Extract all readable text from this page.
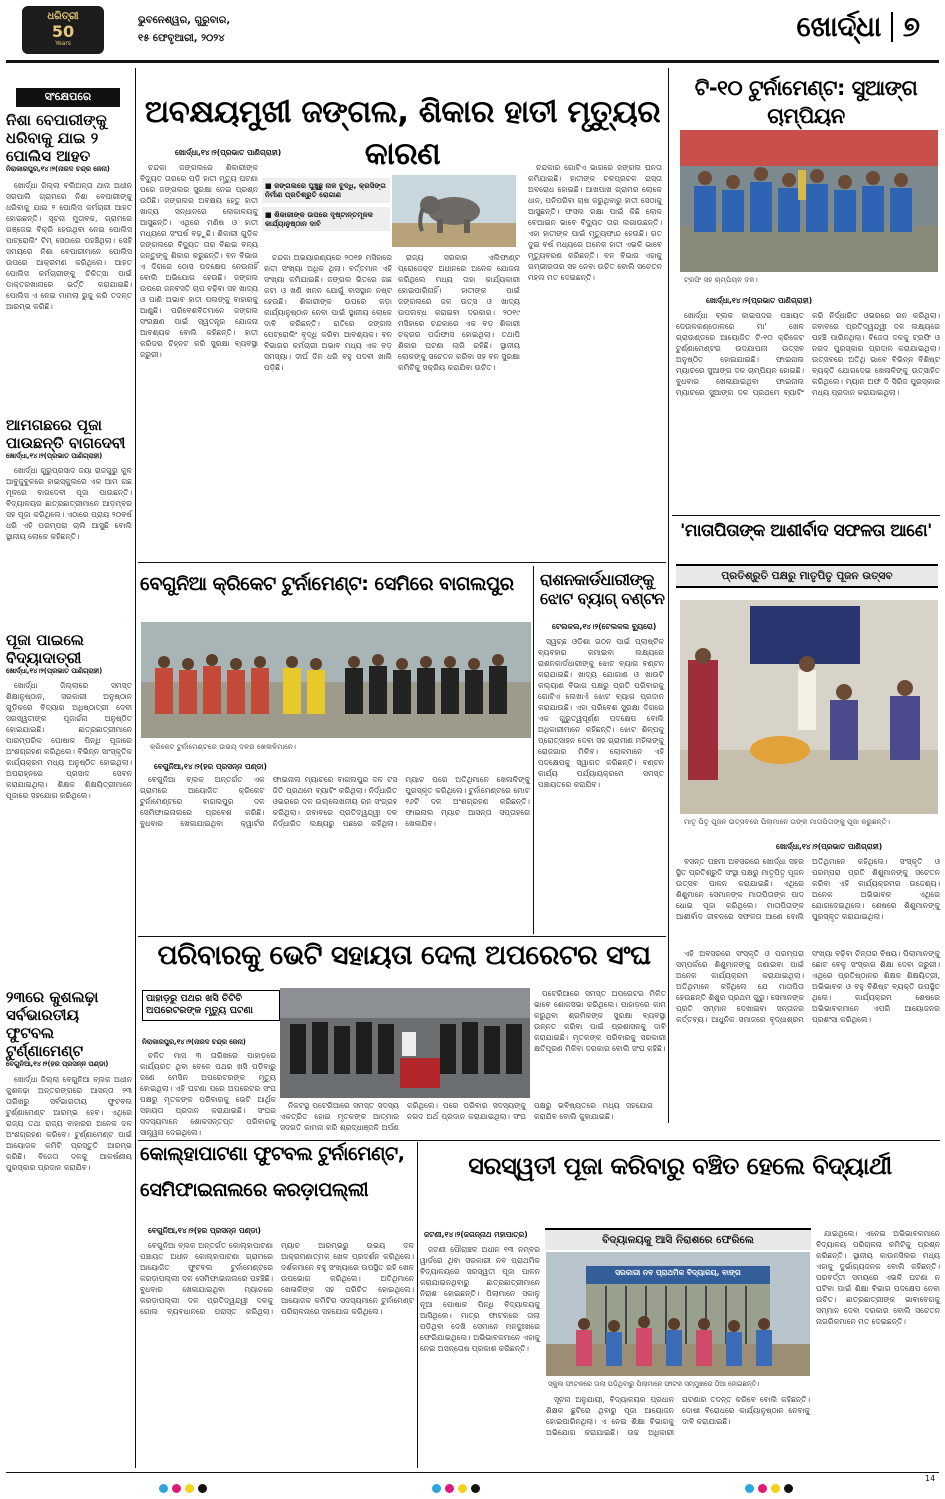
ଧରିତ୍ରୀ
50
Years
ଭୁବନେଶ୍ୱର, ଗୁରୁବାର,
୧୫ ଫେବୃଆରୀ, ୨୦୨୪	ଖୋର୍ଦ୍ଧା ୭
ସଂକ୍ଷେପରେ
ନିଶା ବେପାରୀଙ୍କୁ ଧରିବାକୁ ଯାଇ ୨ ପୋଲିସ ଆହତ
ନିରାକାରପୁର,୧୪।୨(ନାରଦ ଚନ୍ଦ୍ର ଜେନା)

ଖୋର୍ଦ୍ଧା ଜିଲ୍ଲା ବଲିଅନ୍ତା ଥାନା ଅଧୀନ ସରପାଲି ଗ୍ରାମରେ ନିଶା ବେପାରୀଙ୍କୁ ଧରିବାକୁ ଯାଇ ୨ ପୋଲିସ କର୍ମଚାରୀ ଆହତ ହୋଇଛନ୍ତି। ସୂଚନା ମୁତାବକ, ଗ୍ରାମରେ ଗଞ୍ଜେଇ ବିକ୍ରି ହେଉଥିବା ନେଇ ପୋଲିସ ପାଟ୍ରୋଲିଂ ଟିମ୍ ସେଠାରେ ପହଞ୍ଚିଥିଲା। ସେହି ସମୟରେ ନିଶା ବେପାରୀମାନେ ପୋଲିସ ଉପରେ ଆକ୍ରମଣ କରିଥିଲେ। ଆହତ ପୋଲିସ କର୍ମଚାରୀଙ୍କୁ ଚିକିତ୍ସା ପାଇଁ ଡାକ୍ତରଖାନାରେ ଭର୍ତ୍ତି କରାଯାଇଛି। ପୋଲିସ ଏ ନେଇ ମାମଲା ରୁଜୁ କରି ତଦନ୍ତ ଆରମ୍ଭ କରିଛି।

ଆମଗଛରେ ପୂଜା ପାଉଛନ୍ତି ବାଗଦେବୀ
ଖୋର୍ଦ୍ଧା,୧୪।୨(ପ୍ରଭାତ ପାଣିଗ୍ରାହୀ)

ଖୋର୍ଦ୍ଧା ଗୁରୁପ୍ରସାଦ ଜୟା ରାଜଗୁରୁ କୁଳ ଆବୁଜୁବୁଳରେ ହାଇସ୍କୁଲରେ ଏକ ଆମ ଗଛ ମୂଳରେ ବାଗଦେବୀ ପୂଜା ପାଉଛନ୍ତି। ବିଦ୍ୟାଳୟର ଛାତ୍ରଛାତ୍ରୀମାନେ ଆଡ଼ମ୍ବର ସହ ପୂଜା କରିଥିଲେ। ଏଠାରେ ପ୍ରାୟ ୨୦ବର୍ଷ ଧରି ଏହି ପରମ୍ପରା ଚାଲି ଆସୁଛି ବୋଲି ସ୍ଥାନୀୟ ଲୋକେ କହିଛନ୍ତି।

ପୂଜା ପାଇଲେ ବିଦ୍ୟାଦାତ୍ରୀ
ଖୋର୍ଦ୍ଧା,୧୪।୨(ପ୍ରଭାତ ପାଣିଗ୍ରାହୀ)

ଖୋର୍ଦ୍ଧା ଜିଲ୍ଲାରେ ସମସ୍ତ ଶିକ୍ଷାନୁଷ୍ଠାନ, ସରକାରୀ ଅନୁଷ୍ଠାନ ଗୁଡ଼ିକରେ ବିଦ୍ୟାର ଅଧିଷ୍ଠାତ୍ରୀ ଦେବୀ ସରସ୍ୱତୀଙ୍କ ପୂଜାର୍ଚ୍ଚନା ଅନୁଷ୍ଠିତ ହୋଇଯାଇଛି। ଛାତ୍ରଛାତ୍ରୀମାନେ ପାରମ୍ପରିକ ପୋଷାକ ପିନ୍ଧି ପୂଜାରେ ଅଂଶଗ୍ରହଣ କରିଥିଲେ। ବିଭିନ୍ନ ସାଂସ୍କୃତିକ କାର୍ଯ୍ୟକ୍ରମ ମଧ୍ୟ ଅନୁଷ୍ଠିତ ହୋଇଥିଲା। ଅପରାହ୍ନରେ ପ୍ରସାଦ ସେବନ କରାଯାଇଥିଲା। ଶିକ୍ଷକ ଶିକ୍ଷୟିତ୍ରୀମାନେ ପୂଜାରେ ସହଯୋଗ କରିଥିଲେ।

୨୩ରେ କୁଶଲଢ଼ା ସର୍ବଭାରତୀୟ ଫୁଟବଲ ଟୁର୍ଣ୍ଣାମେଣ୍ଟ
ବେଗୁନିଆ,୧୪।୨(ହର ପ୍ରସନ୍ନ ପଣ୍ଡା)

ଖୋର୍ଦ୍ଧା ଜିଲ୍ଲା ବେଗୁନିଆ ବ୍ଲକ ଅଧୀନ କୁଶଳଢ଼ା ଅନ୍ତରଙ୍ଗରେ ଆସନ୍ତା ୨୩ ତାରିଖରୁ ସର୍ବଭାରତୀୟ ଫୁଟବଲ ଟୁର୍ଣ୍ଣାମେଣ୍ଟ ଆରମ୍ଭ ହେବ। ଏଥିରେ ରାଜ୍ୟ ତଥା ରାଜ୍ୟ ବାହାରର ଅନେକ ଦଳ ଅଂଶଗ୍ରହଣ କରିବେ। ଟୁର୍ଣ୍ଣାମେଣ୍ଟ ପାଇଁ ଆୟୋଜକ କମିଟି ପ୍ରସ୍ତୁତି ଆରମ୍ଭ କରିଛି। ବିଜେତା ଦଳକୁ ଆକର୍ଷଣୀୟ ପୁରସ୍କାର ପ୍ରଦାନ କରାଯିବ।

ଅବକ୍ଷୟମୁଖୀ ଜଙ୍ଗଲ, ଶିକାର ହାତୀ ମୃତ୍ୟୁର କାରଣ
ଖୋର୍ଦ୍ଧା,୧୪।୨(ପ୍ରଭାତ ପାଣିଗ୍ରାହୀ)
■ ଜଙ୍ଗଲରେ ଘୁଞ୍ଚୁଛୁ ନାଳ ବୁଦ୍ଧି, କ୍ରସିଙ୍ଗ ନିର୍ମାଣ ପ୍ରତିଶ୍ରୁତି ରୋଗାଣ
■ ଶିକାରୀଙ୍କ ଉପରେ ଦୃଷ୍ଟାନ୍ତମୂଳକ କାର୍ଯ୍ୟାନୁଷ୍ଠାନ ଦାବି

ଚନ୍ଦକା ଜଙ୍ଗଲରେ ଶିକାରୀଙ୍କ ବିଦ୍ୟୁତ ତାରରେ ପଡ଼ି ହାତୀ ମୃତ୍ୟୁ ଘଟଣା ପରେ ଜଙ୍ଗଲର ସୁରକ୍ଷା ନେଇ ପ୍ରଶ୍ନ ଉଠିଛି। ଜଙ୍ଗଲର ଅବକ୍ଷୟ ହେତୁ ହାତୀ ଖାଦ୍ୟ ସନ୍ଧାନରେ ଲୋକାଳୟକୁ ଆସୁଛନ୍ତି। ଏଥିରେ ମଣିଷ ଓ ହାତୀ ମଧ୍ୟରେ ସଂଘର୍ଷ ବଢ଼ୁଛି। ଶିକାରୀ ଗୁଡ଼ିକ ଜଙ୍ଗଲରେ ବିଦ୍ୟୁତ ତାର ବିଛାଇ ବନ୍ୟ ଜନ୍ତୁଙ୍କୁ ଶିକାର କରୁଛନ୍ତି। ବନ ବିଭାଗ ଏ ଦିଗରେ ଠୋସ ପଦକ୍ଷେପ ନେଉନାହିଁ ବୋଲି ଅଭିଯୋଗ ହେଉଛି। ଜଙ୍ଗଲ ଉପରେ ଜନବସତି ଚାପ ବଢ଼ିବା ସହ ଖାଦ୍ୟ ଓ ପାଣି ଅଭାବ ହାତୀ ପଲଙ୍କୁ ବାହାରକୁ ଆଣୁଛି। ପରିବେଶବିତମାନେ ଜଙ୍ଗଲ ସଂରକ୍ଷଣ ପାଇଁ ସ୍ୱତନ୍ତ୍ର ଯୋଜନା ଆବଶ୍ୟକ ବୋଲି କହିଛନ୍ତି। ହାତୀ କରିଡର ଚିହ୍ନଟ କରି ସୁରକ୍ଷା ବ୍ୟବସ୍ଥା ଜରୁରୀ।

ଚନ୍ଦକା ଅଭୟାରଣ୍ୟରେ ୨୦୧୭ ମସିହାରେ ହାତୀ ସଂଖ୍ୟା ଅଧିକ ଥିଲା। ବର୍ତ୍ତମାନ ଏହି ସଂଖ୍ୟା କମିଯାଇଛି। ଜଙ୍ଗଲ ଭିତରେ ଗଛ କଟା ଓ ଖଣି ଖନନ ଯୋଗୁଁ ବାସସ୍ଥାନ ନଷ୍ଟ ହେଉଛି। ଶିକାରୀଙ୍କ ଉପରେ କଡ଼ା କାର୍ଯ୍ୟାନୁଷ୍ଠାନ ନେବା ପାଇଁ ସ୍ଥାନୀୟ ଲୋକେ ଦାବି କରିଛନ୍ତି। ରାତିରେ ଜଙ୍ଗଲ ପେଟ୍ରୋଲିଂ ବୃଦ୍ଧି କରିବା ଆବଶ୍ୟକ। ବନ ବିଭାଗର କର୍ମଚାରୀ ଅଭାବ ମଧ୍ୟ ଏକ ବଡ଼ ସମସ୍ୟା। ଦୀର୍ଘ ଦିନ ଧରି ବହୁ ପଦବୀ ଖାଲି ପଡ଼ିଛି।

ରାଜ୍ୟ ସରକାର ଏଲିଫାଣ୍ଟ ପ୍ରୋଜେକ୍ଟ ଅଧୀନରେ ଅନେକ ଯୋଜନା କରିଥିଲେ ମଧ୍ୟ ତାହା କାର୍ଯ୍ୟକାରୀ ହୋଇପାରିନାହିଁ। ହାତୀଙ୍କ ପାଇଁ ଜଙ୍ଗଲରେ ଜଳ ଉତ୍ସ ଓ ଖାଦ୍ୟ ଉପଲବ୍ଧ କରାଇବା ଦରକାର। ୨୦୧୯ ମସିହାରେ ଚନ୍ଦକାରେ ଏକ ବଡ଼ ଶିକାରୀ ଚକ୍ରର ପର୍ଦ୍ଦାଫାସ ହୋଇଥିଲା। ତଥାପି ଶିକାର ଘଟଣା ଲାଗି ରହିଛି। ସ୍ଥାନୀୟ ଲୋକଙ୍କୁ ସଚେତନ କରିବା ସହ ବନ ସୁରକ୍ଷା କମିଟିକୁ ସକ୍ରିୟ କରାଯିବା ଉଚିତ।

ଚନ୍ଦକାର ଗୋଟିଏ ଭାଗରେ ଜଙ୍ଗଲ ଘନତା କମିଯାଇଛି। ହାତୀଙ୍କ ଚଳପ୍ରଚଳ ରାସ୍ତା ଅବରୋଧ ହୋଇଛି। ଆଖପାଖ ଗ୍ରାମର ଲୋକେ ଧାନ, ପନିପରିବା ଚାଷ କରୁଥିବାରୁ ହାତୀ ସେଠାକୁ ଆସୁଛନ୍ତି। ଫସଲ ରକ୍ଷା ପାଇଁ କିଛି ଲୋକ ବେଆଇନ ଭାବେ ବିଦ୍ୟୁତ ତାର ଲଗାଉଛନ୍ତି। ଏହା ହାତୀଙ୍କ ପାଇଁ ମୃତ୍ୟୁଫାନ୍ଦ ହେଉଛି। ଗତ ଦୁଇ ବର୍ଷ ମଧ୍ୟରେ ଅନେକ ହାତୀ ଏଭଳି ଭାବେ ମୃତ୍ୟୁବରଣ କରିଛନ୍ତି। ବନ ବିଭାଗ ଏହାକୁ ଗମ୍ଭୀରତାର ସହ ନେବା ଉଚିତ ବୋଲି ସଚେତନ ମହଲ ମତ ଦେଇଛନ୍ତି।

ଟି-୧୦ ଟୁର୍ନାମେଣ୍ଟ: ସୁଆଙ୍ଗ ଚାମ୍ପିୟନ
ଟ୍ରଫି ସହ ଚାମ୍ପିୟନ ଦଳ।
ଖୋର୍ଦ୍ଧା,୧୪।୨(ପ୍ରଭାତ ପାଣିଗ୍ରାହୀ)

ଖୋର୍ଦ୍ଧା ବ୍ଲକ କାଇପଦର ପଞ୍ଚାୟତ ଦେଉଳକଣ୍ଡୋଳରେ ମା' ଖେଳ ଗ୍ରାଉଣ୍ଡରେ ଆୟୋଜିତ ଟି-୧୦ କ୍ରିକେଟ ଟୁର୍ଣ୍ଣାମେଣ୍ଟର ଉଦଯାପନୀ ଉତ୍ସବ ଅନୁଷ୍ଠିତ ହୋଇଯାଇଛି। ଫାଇନାଲ ମ୍ୟାଚରେ ସୁଆଙ୍ଗ ଦଳ ଚାମ୍ପିୟନ ହୋଇଛି। ବୁଧବାର ଖେଳାଯାଇଥିବା ଫାଇନାଲ ମ୍ୟାଚରେ ସୁଆଙ୍ଗ ଦଳ ପ୍ରଥମେ ବ୍ୟାଟିଂ କରି ନିର୍ଦ୍ଧାରିତ ଓଭରରେ ରନ କରିଥିଲା। ଜବାବରେ ପ୍ରତିଦ୍ୱନ୍ଦ୍ୱୀ ଦଳ ଲକ୍ଷ୍ୟରେ ପହଞ୍ଚି ପାରିନଥିଲା। ବିଜେତା ଦଳକୁ ଟ୍ରଫି ଓ ନଗଦ ପୁରସ୍କାର ପ୍ରଦାନ କରାଯାଇଥିଲା। ଉତ୍ସବରେ ଅତିଥି ଭାବେ ବିଭିନ୍ନ ବିଶିଷ୍ଟ ବ୍ୟକ୍ତି ଯୋଗଦେଇ ଖେଳାଳିଙ୍କୁ ଉତ୍ସାହିତ କରିଥିଲେ। ମ୍ୟାନ ଅଫ ଦି ସିରିଜ ପୁରସ୍କାର ମଧ୍ୟ ପ୍ରଦାନ କରାଯାଇଥିଲା।

'ମାତାପିତାଙ୍କ ଆଶୀର୍ବାଦ ସଫଳତା ଆଣେ'
ପ୍ରତିଶ୍ରୁତି ପକ୍ଷରୁ ମାତୃପିତୃ ପୂଜନ ଉତ୍ସବ
ମାତୃ ପିତୃ ପୂଜନ ଉତ୍ସବରେ ପିଲାମାନେ ତାଙ୍କ ମାତାପିତାଙ୍କୁ ପୂଜା କରୁଛନ୍ତି।
ଖୋର୍ଦ୍ଧା,୧୪।୨(ପ୍ରଭାତ ପାଣିଗ୍ରାହୀ)

ବସନ୍ତ ପଞ୍ଚମୀ ଅବସରରେ ଖୋର୍ଦ୍ଧା ସହର ସ୍ଥିତ ପ୍ରତିଶ୍ରୁତି ସଂସ୍ଥା ପକ୍ଷରୁ ମାତୃପିତୃ ପୂଜନ ଉତ୍ସବ ପାଳନ କରାଯାଇଛି। ଏଥିରେ ଶିଶୁମାନେ ସେମାନଙ୍କ ମାତାପିତାଙ୍କ ପାଦ ଧୋଇ ପୂଜା କରିଥିଲେ। ମାତାପିତାଙ୍କ ଆଶୀର୍ବାଦ ଜୀବନରେ ସଫଳତା ଆଣେ ବୋଲି ଅତିଥିମାନେ କହିଥିଲେ। ସଂସ୍କୃତି ଓ ପରମ୍ପରା ପ୍ରତି ଶିଶୁମାନଙ୍କୁ ସଚେତନ କରିବା ଏହି କାର୍ଯ୍ୟକ୍ରମର ଉଦ୍ଦେଶ୍ୟ। ଅନେକ ଅଭିଭାବକ ଏଥିରେ ଯୋଗଦେଇଥିଲେ। ଶେଷରେ ଶିଶୁମାନଙ୍କୁ ପୁରସ୍କୃତ କରାଯାଇଥିଲା।

ବେଗୁନିଆ କ୍ରିକେଟ ଟୁର୍ନାମେଣ୍ଟ: ସେମିରେ ବାଗଲପୁର
କ୍ରିକେଟ ଟୁର୍ନାମେଣ୍ଟରେ ଉଭୟ ଦଳର ଖେଳାଳିମାନେ।
ବେଗୁନିଆ,୧୪।୨(ହର ପ୍ରସନ୍ନ ପଣ୍ଡା)

ବେଗୁନିଆ ବ୍ଲକ ଅନ୍ତର୍ଗତ ଏକ ଗ୍ରାମରେ ଆୟୋଜିତ କ୍ରିକେଟ ଟୁର୍ନାମେଣ୍ଟରେ ବାଗଲପୁର ଦଳ ସେମିଫାଇନାଲରେ ପ୍ରବେଶ କରିଛି। ବୁଧବାର ଖେଳାଯାଇଥିବା କ୍ୱାର୍ଟର ଫାଇନାଲ ମ୍ୟାଚରେ ବାଗଲପୁର ଦଳ ଟସ ଜିତି ପ୍ରଥମେ ବ୍ୟାଟିଂ କରିଥିଲା। ନିର୍ଦ୍ଧାରିତ ଓଭରରେ ଦଳ ଉଲ୍ଲେଖନୀୟ ରନ ସଂଗ୍ରହ କରିଥିଲା। ଜବାବରେ ପ୍ରତିଦ୍ୱନ୍ଦ୍ୱୀ ଦଳ ନିର୍ଦ୍ଧାରିତ ଲକ୍ଷ୍ୟରୁ ପଛରେ ରହିଥିଲା। ମ୍ୟାଚ ପରେ ଅତିଥିମାନେ ଖେଳାଳିଙ୍କୁ ପୁରସ୍କୃତ କରିଥିଲେ। ଟୁର୍ନାମେଣ୍ଟରେ ମୋଟ ୧୬ଟି ଦଳ ଅଂଶଗ୍ରହଣ କରିଛନ୍ତି। ଫାଇନାଲ ମ୍ୟାଚ ଆସନ୍ତା ସପ୍ତାହରେ ଖେଳାଯିବ।

ରାଶନକାର୍ଡଧାରୀଙ୍କୁ ଝୋଟ ବ୍ୟାଗ୍ ବଣ୍ଟନ
ଟେଲକଲ,୧୪।୨(ଟେଲକଲ ବ୍ୟୁରୋ)

ସ୍ୱଚ୍ଛ ଓଡ଼ିଶା ଗଠନ ପାଇଁ ପ୍ଲାଷ୍ଟିକ ବ୍ୟବହାର କମାଇବା ଲକ୍ଷ୍ୟରେ ରାଶନକାର୍ଡଧାରୀଙ୍କୁ ଝୋଟ ବ୍ୟାଗ ବଣ୍ଟନ କରାଯାଇଛି। ଖାଦ୍ୟ ଯୋଗାଣ ଓ ଖାଉଟି କଲ୍ୟାଣ ବିଭାଗ ପକ୍ଷରୁ ପ୍ରତି ପରିବାରକୁ ଗୋଟିଏ ଲେଖାଏଁ ଝୋଟ ବ୍ୟାଗ ପ୍ରଦାନ କରାଯାଉଛି। ଏହା ପରିବେଶ ସୁରକ୍ଷା ଦିଗରେ ଏକ ଗୁରୁତ୍ୱପୂର୍ଣ୍ଣ ପଦକ୍ଷେପ ବୋଲି ଅଧିକାରୀମାନେ କହିଛନ୍ତି। ଝୋଟ ଶିଳ୍ପକୁ ପ୍ରୋତ୍ସାହନ ଦେବା ସହ ଗ୍ରାମୀଣ ମହିଳାଙ୍କୁ ରୋଜଗାର ମିଳିବ। ଲୋକମାନେ ଏହି ପଦକ୍ଷେପକୁ ସ୍ୱାଗତ କରିଛନ୍ତି। ବଣ୍ଟନ କାର୍ଯ୍ୟ ପର୍ଯ୍ୟାୟକ୍ରମେ ସମସ୍ତ ପଞ୍ଚାୟତରେ କରାଯିବ।

ପରିବାରକୁ ଭେଟି ସହାୟତା ଦେଲା ଅପରେଟର ସଂଘ
ପାହାଡ଼ରୁ ପଥର ଖସି ଚିଟିଚି ଅପରେଟରଙ୍କ ମୃତ୍ୟୁ ଘଟଣା
ନିରାକାରପୁର,୧୪।୨(ନାରଦ ଚନ୍ଦ୍ର ଜେନା)

ଚଳିତ ମାସ ୩ ତାରିଖରେ ପାହାଡ଼ରେ କାର୍ଯ୍ୟରତ ଥିବା ବେଳେ ପଥର ଖସି ପଡ଼ିବାରୁ ଜଣେ ମେସିନ ଅପରେଟରଙ୍କ ମୃତ୍ୟୁ ହୋଇଥିଲା। ଏହି ଘଟଣା ପରେ ଅପରେଟର ସଂଘ ପକ୍ଷରୁ ମୃତକଙ୍କ ପରିବାରକୁ ଭେଟି ଆର୍ଥିକ ସହାୟତା ପ୍ରଦାନ କରାଯାଇଛି। ସଂଘର ସଦସ୍ୟମାନେ ଶୋକସନ୍ତପ୍ତ ପରିବାରକୁ ସାନ୍ତ୍ୱନା ଦେଇଥିଲେ।

ନିକଟସ୍ଥ ପଟେରିଆରେ ସମସ୍ତ ସଦସ୍ୟ ଏକତ୍ରିତ ହୋଇ ମୃତକଙ୍କ ଆତ୍ମାର ସଦଗତି କାମନା କରି ଶ୍ରଦ୍ଧାଞ୍ଜଳି ଅର୍ପଣ କରିଥିଲେ। ପରେ ପରିବାର ସଦସ୍ୟଙ୍କୁ ନଗଦ ଅର୍ଥ ପ୍ରଦାନ କରାଯାଇଥିଲା। ସଂଘ ପକ୍ଷରୁ ଭବିଷ୍ୟତରେ ମଧ୍ୟ ସହଯୋଗ କରାଯିବ ବୋଲି କୁହାଯାଇଛି।

ପଟେରିଆରେ ସମସ୍ତ ଅପରେଟର ମିଳିତ ଭାବେ ଶୋକସଭା କରିଥିଲେ। ପାହାଡ଼ରେ କାମ କରୁଥିବା ଶ୍ରମିକଙ୍କ ସୁରକ୍ଷା ବ୍ୟବସ୍ଥା ଉନ୍ନତ କରିବା ପାଇଁ ପ୍ରଶାସନକୁ ଦାବି କରାଯାଇଛି। ମୃତକଙ୍କ ପରିବାରକୁ ସରକାରୀ କ୍ଷତିପୂରଣ ମିଳିବା ଦରକାର ବୋଲି ସଂଘ କହିଛି।

ଏହି ଅବସରରେ ସଂସ୍କୃତି ଓ ପରମ୍ପରା ସମ୍ପର୍କରେ ଶିଶୁମାନଙ୍କୁ ଜଣାଇବା ପାଇଁ ଅନେକ କାର୍ଯ୍ୟକ୍ରମ କରାଯାଇଥିଲା। ଅତିଥିମାନେ କହିଥିଲେ ଯେ ମାତାପିତା ହେଉଛନ୍ତି ଶିଶୁର ପ୍ରଥମ ଗୁରୁ। ସେମାନଙ୍କ ପ୍ରତି ସମ୍ମାନ ଦେଖାଇବା ସନ୍ତାନର କର୍ତ୍ତବ୍ୟ। ଆଧୁନିକ ସମାଜରେ ବୃଦ୍ଧାଶ୍ରମ ସଂଖ୍ୟା ବଢ଼ିବା ଚିନ୍ତାର ବିଷୟ। ପିଲାମାନଙ୍କୁ ଛୋଟ ବେଳୁ ସଂସ୍କାର ଶିକ୍ଷା ଦେବା ଜରୁରୀ। ଏଥିରେ ପ୍ରତିଷ୍ଠାନର ଶିକ୍ଷକ ଶିକ୍ଷୟିତ୍ରୀ, ଅଭିଭାବକ ଓ ବହୁ ବିଶିଷ୍ଟ ବ୍ୟକ୍ତି ଉପସ୍ଥିତ ଥିଲେ। କାର୍ଯ୍ୟକ୍ରମ ଶେଷରେ ଅଭିଭାବକମାନେ ଏପରି ଆୟୋଜନର ପ୍ରଶଂସା କରିଥିଲେ।

କୋଲ୍ହାପାଟଣା ଫୁଟବଲ ଟୁର୍ନାମେଣ୍ଟ,
ସେମିଫାଇନାଲରେ କରଡ଼ାପଲ୍ଲୀ
ବେଗୁନିଆ,୧୪।୨(ହର ପ୍ରସନ୍ନ ପଣ୍ଡା)

ବେଗୁନିଆ ବ୍ଲକ ଅନ୍ତର୍ଗତ କୋଲ୍ହାପାଟଣା ପଞ୍ଚାୟତ ଅଧୀନ କୋଲ୍ହାପାଟଣା ଗ୍ରାମରେ ଆୟୋଜିତ ଫୁଟବଲ ଟୁର୍ନାମେଣ୍ଟରେ କରଡ଼ାପଲ୍ଲୀ ଦଳ ସେମିଫାଇନାଲରେ ପହଞ୍ଚିଛି। ବୁଧବାର ଖେଳାଯାଇଥିବା ମ୍ୟାଚରେ କରଡ଼ାପଲ୍ଲୀ ଦଳ ପ୍ରତିଦ୍ୱନ୍ଦ୍ୱୀ ଦଳକୁ ଗୋଲ ବ୍ୟବଧାନରେ ପରାସ୍ତ କରିଥିଲା। ମ୍ୟାଚ ଆରମ୍ଭରୁ ଉଭୟ ଦଳ ଆକ୍ରମଣାତ୍ମକ ଖେଳ ପ୍ରଦର୍ଶନ କରିଥିଲେ। ଦର୍ଶକମାନେ ବହୁ ସଂଖ୍ୟାରେ ଉପସ୍ଥିତ ରହି ଖେଳ ଉପଭୋଗ କରିଥିଲେ। ଅତିଥିମାନେ ଖେଳାଳିଙ୍କ ସହ ପରିଚିତ ହୋଇଥିଲେ। ଆୟୋଜକ କମିଟିର ସଦସ୍ୟମାନେ ଟୁର୍ନାମେଣ୍ଟ ପରିଚାଳନାରେ ସହଯୋଗ କରିଥିଲେ।

ସରସ୍ୱତୀ ପୂଜା କରିବାରୁ ବଞ୍ଚିତ ହେଲେ ବିଦ୍ୟାର୍ଥୀ
ଜଟଣୀ,୧୪।୨(ଜଗନ୍ନାଥ ମହାପାତ୍ର)

ଜଟଣୀ ପୌରାଞ୍ଚଳ ଅଧୀନ ୧୩ ନମ୍ବର ୱାର୍ଡରେ ଥିବା ସରକାରୀ ନବ ପ୍ରାଥମିକ ବିଦ୍ୟାଳୟରେ ସରସ୍ୱତୀ ପୂଜା ପାଳନ କରାଯାଇନଥିବାରୁ ଛାତ୍ରଛାତ୍ରୀମାନେ ନିରାଶ ହୋଇଛନ୍ତି। ପିଲାମାନେ ସକାଳୁ ନୂଆ ପୋଷାକ ପିନ୍ଧି ବିଦ୍ୟାଳୟକୁ ଆସିଥିଲେ। ମାତ୍ର ଫାଟକରେ ତାଲା ପଡ଼ିଥିବା ଦେଖି ସେମାନେ ମନଦୁଃଖରେ ଫେରିଯାଇଥିଲେ। ଅଭିଭାବକମାନେ ଏହାକୁ ନେଇ ଅସନ୍ତୋଷ ପ୍ରକାଶ କରିଛନ୍ତି।

ବିଦ୍ୟାଳୟକୁ ଆସି ନିରାଶରେ ଫେରିଲେ
ସରକାରୀ ନବ ପ୍ରାଥମିକ ବିଦ୍ୟାଳୟ, ବାଙ୍ଗ
ସ୍କୁଲ ଫାଟକରେ ତାଲା ପଡ଼ିଥିବାରୁ ପିଲାମାନେ ଫାଟକ ସମ୍ମୁଖରେ ଠିଆ ହୋଇଛନ୍ତି।

ସୂଚନା ଅନୁଯାୟୀ, ବିଦ୍ୟାଳୟର ପ୍ରଧାନ ଶିକ୍ଷକ ଛୁଟିରେ ଥିବାରୁ ପୂଜା ଆୟୋଜନ ହୋଇପାରିନଥିଲା। ଏ ନେଇ ଶିକ୍ଷା ବିଭାଗକୁ ଅଭିଯୋଗ କରାଯାଇଛି। ଉଚ୍ଚ ଅଧିକାରୀ ଘଟଣାର ତଦନ୍ତ କରିବେ ବୋଲି କହିଛନ୍ତି। ଦୋଷୀ ବିରୋଧରେ କାର୍ଯ୍ୟାନୁଷ୍ଠାନ ନେବାକୁ ଦାବି କରାଯାଇଛି।

ଯାଇଥିଲେ। ଏନେଇ ଅଭିଭାବକମାନେ ବିଦ୍ୟାଳୟ ପରିଚାଳନା କମିଟିକୁ ପ୍ରଶ୍ନ କରିଛନ୍ତି। ସ୍ଥାନୀୟ କାଉନସିଲର ମଧ୍ୟ ଏହାକୁ ଦୁର୍ଭାଗ୍ୟଜନକ ବୋଲି କହିଛନ୍ତି। ପରବର୍ତ୍ତୀ ସମୟରେ ଏଭଳି ଘଟଣା ନ ଘଟିବା ପାଇଁ ଶିକ୍ଷା ବିଭାଗ ପଦକ୍ଷେପ ନେବା ଉଚିତ। ଛାତ୍ରଛାତ୍ରୀଙ୍କ ଭାବାବେଗକୁ ସମ୍ମାନ ଦେବା ଦରକାର ବୋଲି ସଚେତନ ନାଗରିକମାନେ ମତ ଦେଇଛନ୍ତି।

14
